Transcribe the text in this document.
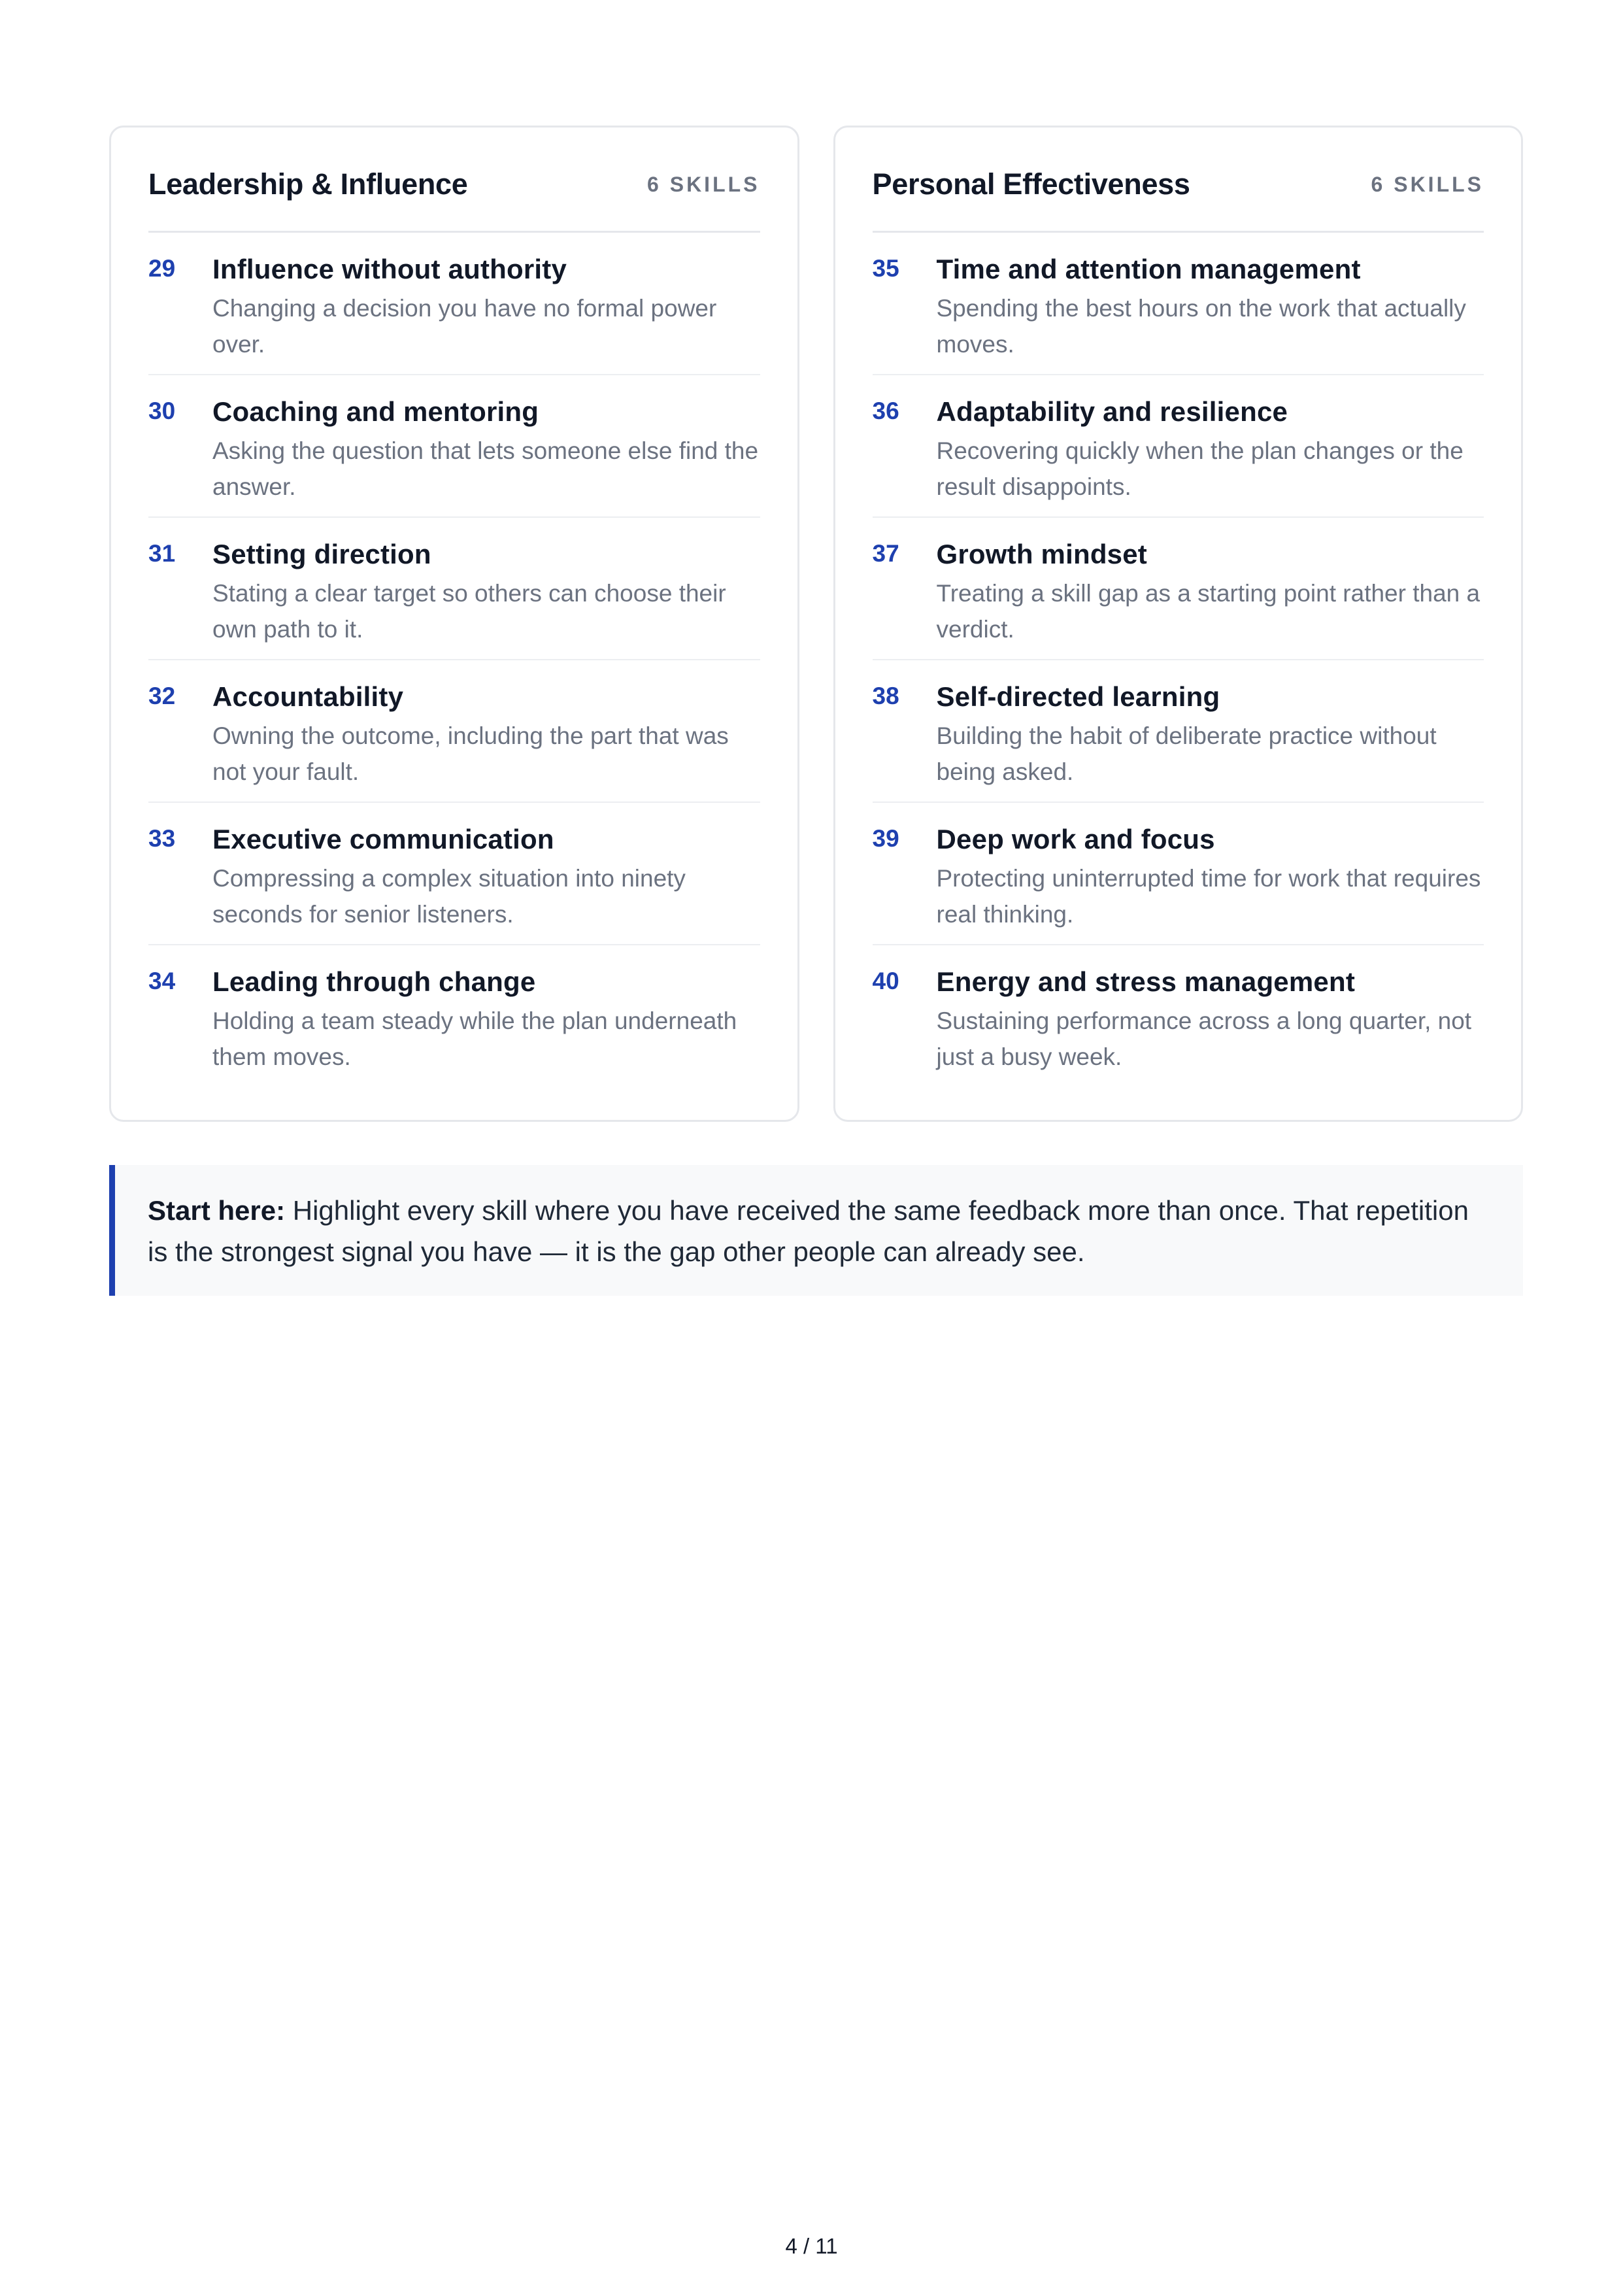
Leadership & Influence	6 SKILLS
29	Influence without authority
Changing a decision you have no formal power over.
30	Coaching and mentoring
Asking the question that lets someone else find the answer.
31	Setting direction
Stating a clear target so others can choose their own path to it.
32	Accountability
Owning the outcome, including the part that was not your fault.
33	Executive communication
Compressing a complex situation into ninety seconds for senior listeners.
34	Leading through change
Holding a team steady while the plan underneath them moves.
Personal Effectiveness	6 SKILLS
35	Time and attention management
Spending the best hours on the work that actually moves.
36	Adaptability and resilience
Recovering quickly when the plan changes or the result disappoints.
37	Growth mindset
Treating a skill gap as a starting point rather than a verdict.
38	Self-directed learning
Building the habit of deliberate practice without being asked.
39	Deep work and focus
Protecting uninterrupted time for work that requires real thinking.
40	Energy and stress management
Sustaining performance across a long quarter, not just a busy week.
Start here: Highlight every skill where you have received the same feedback more than once. That repetition is the strongest signal you have — it is the gap other people can already see.
4 / 11
